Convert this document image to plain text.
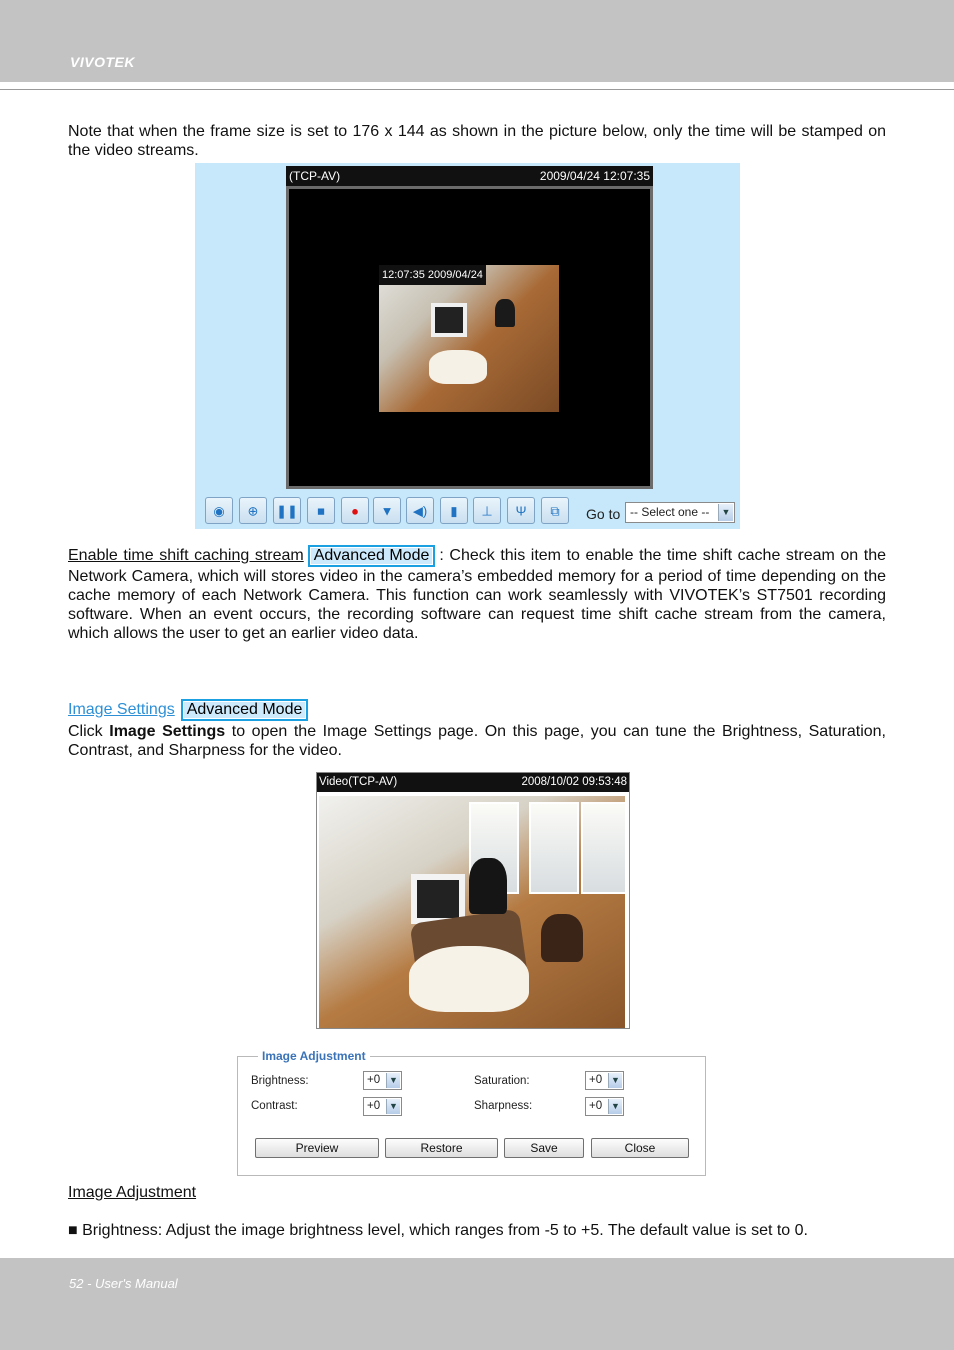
VIVOTEK

Note that when the frame size is set to 176 x 144 as shown in the picture below, only the time will be stamped on the video streams.

(TCP-AV)	2009/04/24 12:07:35
12:07:35 2009/04/24
◉ ⊕ ❚❚ ■ ● ▼ ◀) ▮ ⊥ Ψ ⧉ Go to -- Select one --	▼

Enable time shift caching stream Advanced Mode : Check this item to enable the time shift cache stream on the Network Camera, which will stores video in the camera’s embedded memory for a period of time depending on the cache memory of each Network Camera. This function can work seamlessly with VIVOTEK’s ST7501 recording software. When an event occurs, the recording software can request time shift cache stream from the camera, which allows the user to get an earlier video data.

Image Settings Advanced Mode

Click Image Settings to open the Image Settings page. On this page, you can tune the Brightness, Saturation, Contrast, and Sharpness for the video.

Video(TCP-AV)	2008/10/02 09:53:48
Image Adjustment
Brightness:	+0 ▼	Saturation:	+0 ▼
Contrast:	+0 ▼	Sharpness:	+0 ▼
Preview	Restore	Save	Close

Image Adjustment

■ Brightness: Adjust the image brightness level, which ranges from -5 to +5. The default value is set to 0.

52 - User's Manual
